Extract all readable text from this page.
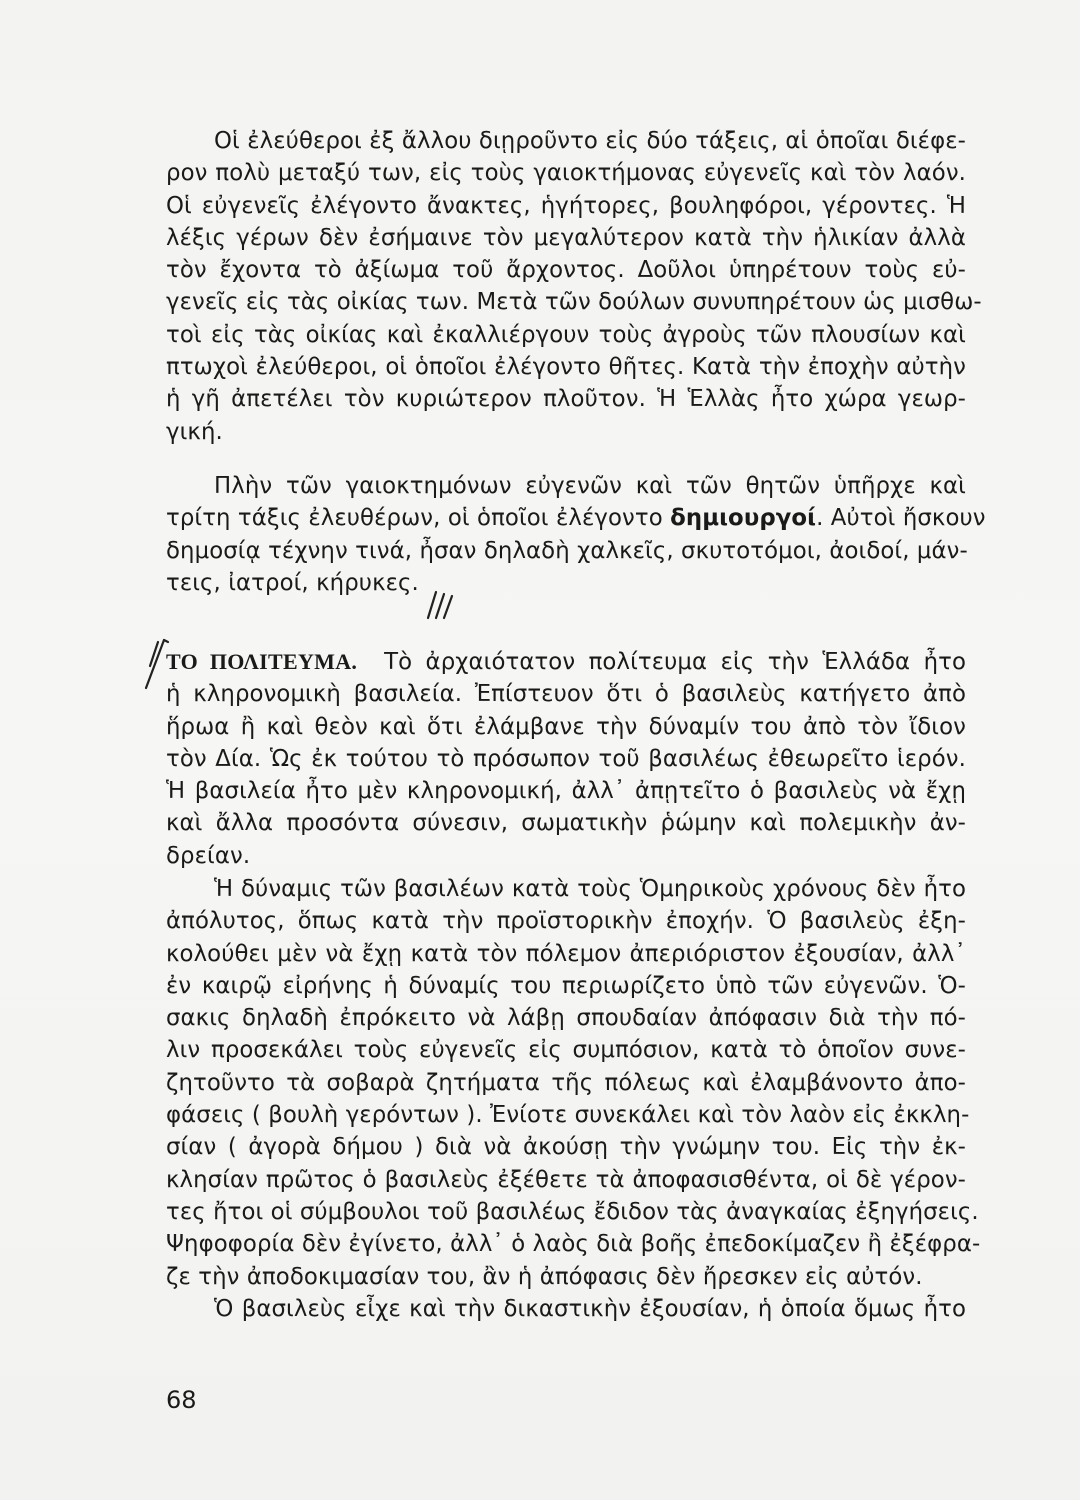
Οἱ ἐλεύθεροι ἐξ ἄλλου διῃροῦντο εἰς δύο τάξεις, αἱ ὁποῖαι διέφε-
ρον πολὺ μεταξύ των, εἰς τοὺς γαιοκτήμονας εὐγενεῖς καὶ τὸν λαόν.
Οἱ εὐγενεῖς ἐλέγοντο ἄνακτες, ἡγήτορες, βουληφόροι, γέροντες. Ἡ
λέξις γέρων δὲν ἐσήμαινε τὸν μεγαλύτερον κατὰ τὴν ἡλικίαν ἀλλὰ
τὸν ἔχοντα τὸ ἀξίωμα τοῦ ἄρχοντος. Δοῦλοι ὑπηρέτουν τοὺς εὐ-
γενεῖς εἰς τὰς οἰκίας των. Μετὰ τῶν δούλων συνυπηρέτουν ὡς μισθω-
τοὶ εἰς τὰς οἰκίας καὶ ἐκαλλιέργουν τοὺς ἀγροὺς τῶν πλουσίων καὶ
πτωχοὶ ἐλεύθεροι, οἱ ὁποῖοι ἐλέγοντο θῆτες. Κατὰ τὴν ἐποχὴν αὐτὴν
ἡ γῆ ἀπετέλει τὸν κυριώτερον πλοῦτον. Ἡ Ἑλλὰς ἦτο χώρα γεωρ-
γική.
Πλὴν τῶν γαιοκτημόνων εὐγενῶν καὶ τῶν θητῶν ὑπῆρχε καὶ
τρίτη τάξις ἐλευθέρων, οἱ ὁποῖοι ἐλέγοντο δημιουργοί. Αὐτοὶ ἤσκουν
δημοσίᾳ τέχνην τινά, ἦσαν δηλαδὴ χαλκεῖς, σκυτοτόμοι, ἀοιδοί, μάν-
τεις, ἰατροί, κήρυκες.
ΤΟ ΠΟΛΙΤΕΥΜΑ. Τὸ ἀρχαιότατον πολίτευμα εἰς τὴν Ἑλλάδα ἦτο
ἡ κληρονομικὴ βασιλεία. Ἐπίστευον ὅτι ὁ βασιλεὺς κατήγετο ἀπὸ
ἥρωα ἢ καὶ θεὸν καὶ ὅτι ἐλάμβανε τὴν δύναμίν του ἀπὸ τὸν ἴδιον
τὸν Δία. Ὡς ἐκ τούτου τὸ πρόσωπον τοῦ βασιλέως ἐθεωρεῖτο ἱερόν.
Ἡ βασιλεία ἦτο μὲν κληρονομική, ἀλλ᾽ ἀπῃτεῖτο ὁ βασιλεὺς νὰ ἔχῃ
καὶ ἄλλα προσόντα σύνεσιν, σωματικὴν ῥώμην καὶ πολεμικὴν ἀν-
δρείαν.
Ἡ δύναμις τῶν βασιλέων κατὰ τοὺς Ὁμηρικοὺς χρόνους δὲν ἦτο
ἀπόλυτος, ὅπως κατὰ τὴν προϊστορικὴν ἐποχήν. Ὁ βασιλεὺς ἐξη-
κολούθει μὲν νὰ ἔχῃ κατὰ τὸν πόλεμον ἀπεριόριστον ἐξουσίαν, ἀλλ᾽
ἐν καιρῷ εἰρήνης ἡ δύναμίς του περιωρίζετο ὑπὸ τῶν εὐγενῶν. Ὁ-
σακις δηλαδὴ ἐπρόκειτο νὰ λάβῃ σπουδαίαν ἀπόφασιν διὰ τὴν πό-
λιν προσεκάλει τοὺς εὐγενεῖς εἰς συμπόσιον, κατὰ τὸ ὁποῖον συνε-
ζητοῦντο τὰ σοβαρὰ ζητήματα τῆς πόλεως καὶ ἐλαμβάνοντο ἀπο-
φάσεις ( βουλὴ γερόντων ). Ἐνίοτε συνεκάλει καὶ τὸν λαὸν εἰς ἐκκλη-
σίαν ( ἀγορὰ δήμου ) διὰ νὰ ἀκούσῃ τὴν γνώμην του. Εἰς τὴν ἐκ-
κλησίαν πρῶτος ὁ βασιλεὺς ἐξέθετε τὰ ἀποφασισθέντα, οἱ δὲ γέρον-
τες ἤτοι οἱ σύμβουλοι τοῦ βασιλέως ἔδιδον τὰς ἀναγκαίας ἐξηγήσεις.
Ψηφοφορία δὲν ἐγίνετο, ἀλλ᾽ ὁ λαὸς διὰ βοῆς ἐπεδοκίμαζεν ἢ ἐξέφρα-
ζε τὴν ἀποδοκιμασίαν του, ἂν ἡ ἀπόφασις δὲν ἤρεσκεν εἰς αὐτόν.
Ὁ βασιλεὺς εἶχε καὶ τὴν δικαστικὴν ἐξουσίαν, ἡ ὁποία ὅμως ἦτο
68
